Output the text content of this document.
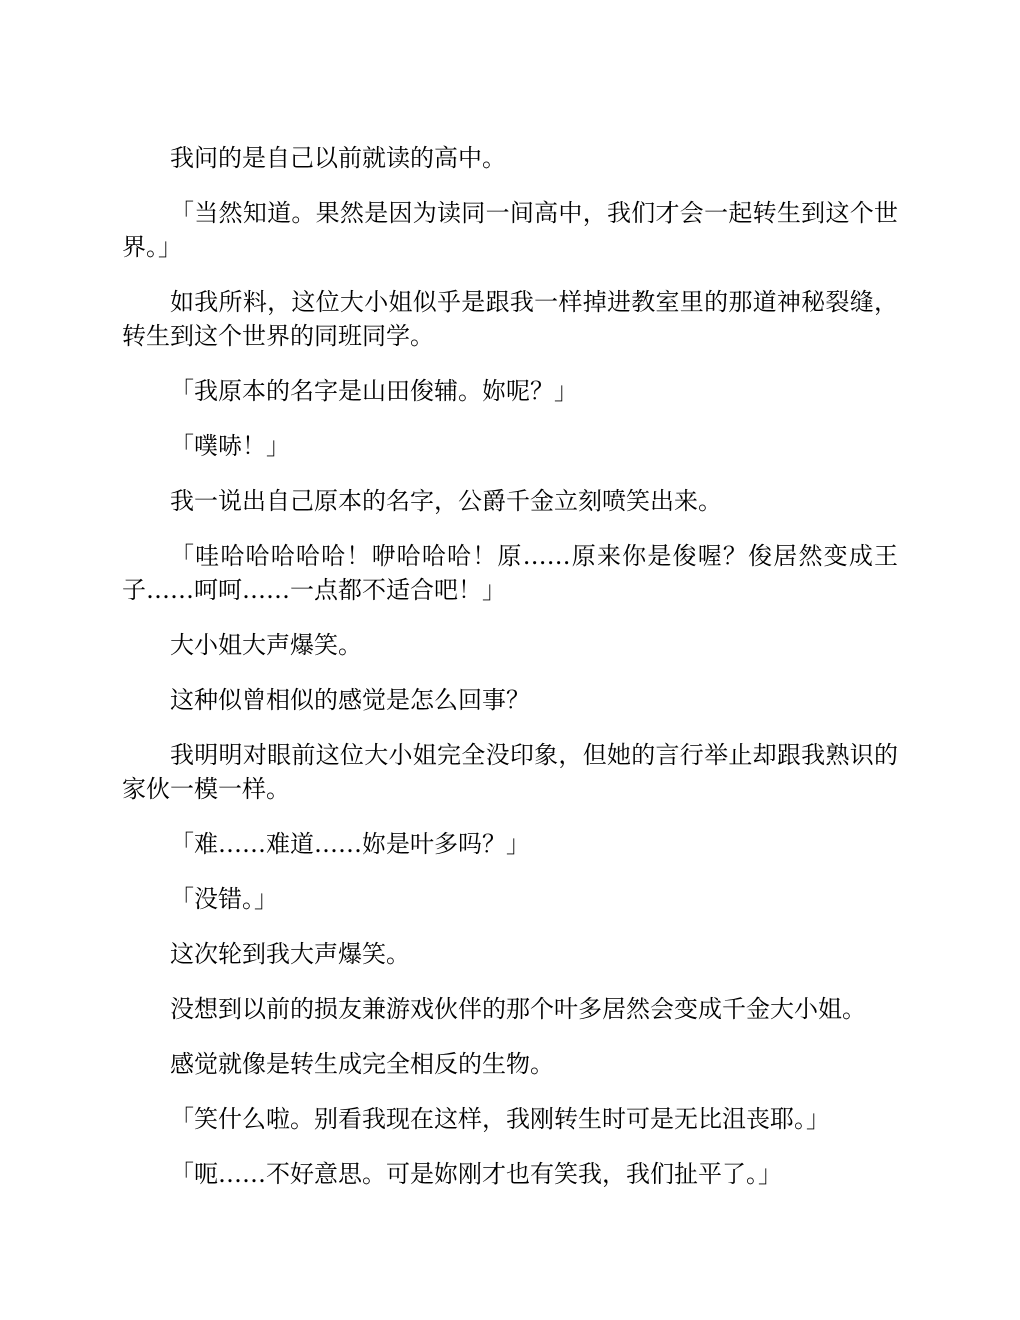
我问的是自己以前就读的高中。

「当然知道。果然是因为读同一间高中，我们才会一起转生到这个世界。」

如我所料，这位大小姐似乎是跟我一样掉进教室里的那道神秘裂缝，转生到这个世界的同班同学。

「我原本的名字是山田俊辅。妳呢？」

「噗哧！」

我一说出自己原本的名字，公爵千金立刻喷笑出来。

「哇哈哈哈哈哈！咿哈哈哈！原……原来你是俊喔？俊居然变成王子……呵呵……一点都不适合吧！」

大小姐大声爆笑。

这种似曾相似的感觉是怎么回事？

我明明对眼前这位大小姐完全没印象，但她的言行举止却跟我熟识的家伙一模一样。

「难……难道……妳是叶多吗？」

「没错。」

这次轮到我大声爆笑。

没想到以前的损友兼游戏伙伴的那个叶多居然会变成千金大小姐。

感觉就像是转生成完全相反的生物。

「笑什么啦。别看我现在这样，我刚转生时可是无比沮丧耶。」

「呃……不好意思。可是妳刚才也有笑我，我们扯平了。」
